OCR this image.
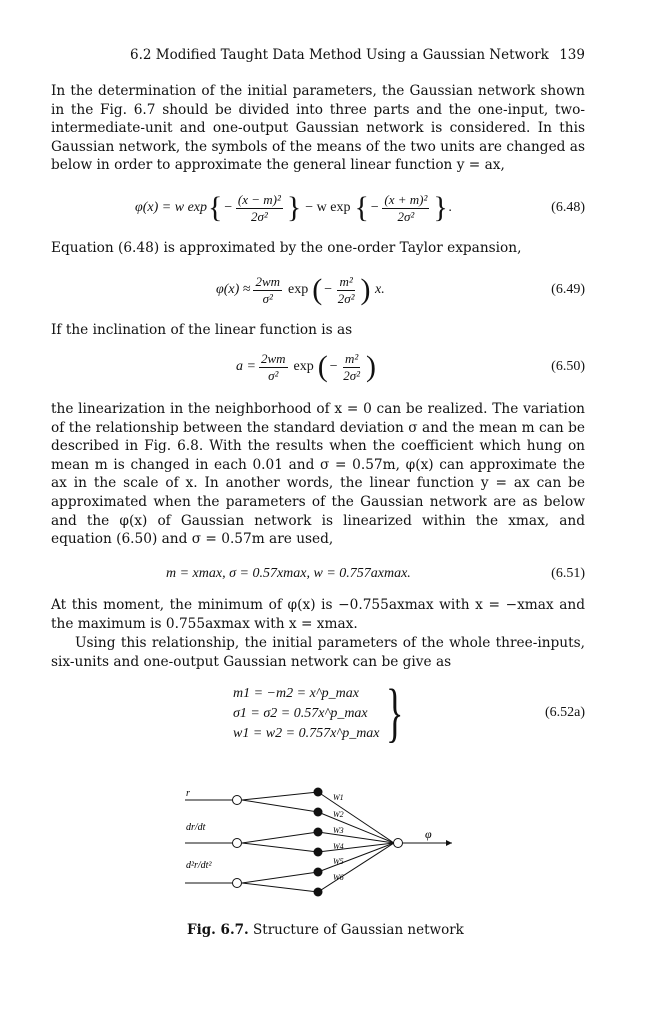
6.2 Modified Taught Data Method Using a Gaussian Network 139

In the determination of the initial parameters, the Gaussian network shown in the Fig. 6.7 should be divided into three parts and the one-input, two-intermediate-unit and one-output Gaussian network is considered. In this Gaussian network, the symbols of the means of the two units are changed as below in order to approximate the general linear function y = ax,

φ(x) = w exp { − $\frac{\text{(x − m)²}}{\text{2σ²}}$ } − w exp { − $\frac{\text{(x + m)²}}{\text{2σ²}}$ } .	(6.48)

Equation (6.48) is approximated by the one-order Taylor expansion,

$\varphi(x) \approx \frac{2wm}{\text{σ²}}$ exp ( − $\frac{\text{m²}}{\text{2σ²}}$ )
x.	(6.49)

If the inclination of the linear function is as

$a = \frac{2wm}{\text{σ²}}$ exp ( − $\frac{\text{m²}}{\text{2σ²}}$ )	(6.50)

the linearization in the neighborhood of x = 0 can be realized. The variation of the relationship between the standard deviation σ and the mean m can be described in Fig. 6.8. With the results when the coefficient which hung on mean m is changed in each 0.01 and σ = 0.57m, φ(x) can approximate the ax in the scale of x. In another words, the linear function y = ax can be approximated when the parameters of the Gaussian network are as below and the φ(x) of Gaussian network is linearized within the xmax, and equation (6.50) and σ = 0.57m are used,

m = xmax, σ = 0.57xmax, w = 0.757axmax.	(6.51)

At this moment, the minimum of φ(x) is −0.755axmax with x = −xmax and the maximum is 0.755axmax with x = xmax.

Using this relationship, the initial parameters of the whole three-inputs, six-units and one-output Gaussian network can be give as

m1 = −m2 = x^p_max
σ1 = σ2 = 0.57x^p_max
w1 = w2 = 0.757x^p_max }	(6.52a)
r
dr/dt
d²r/dt²
W1
W2
W3
W4
W5
W6
φ
Fig. 6.7. Structure of Gaussian network
